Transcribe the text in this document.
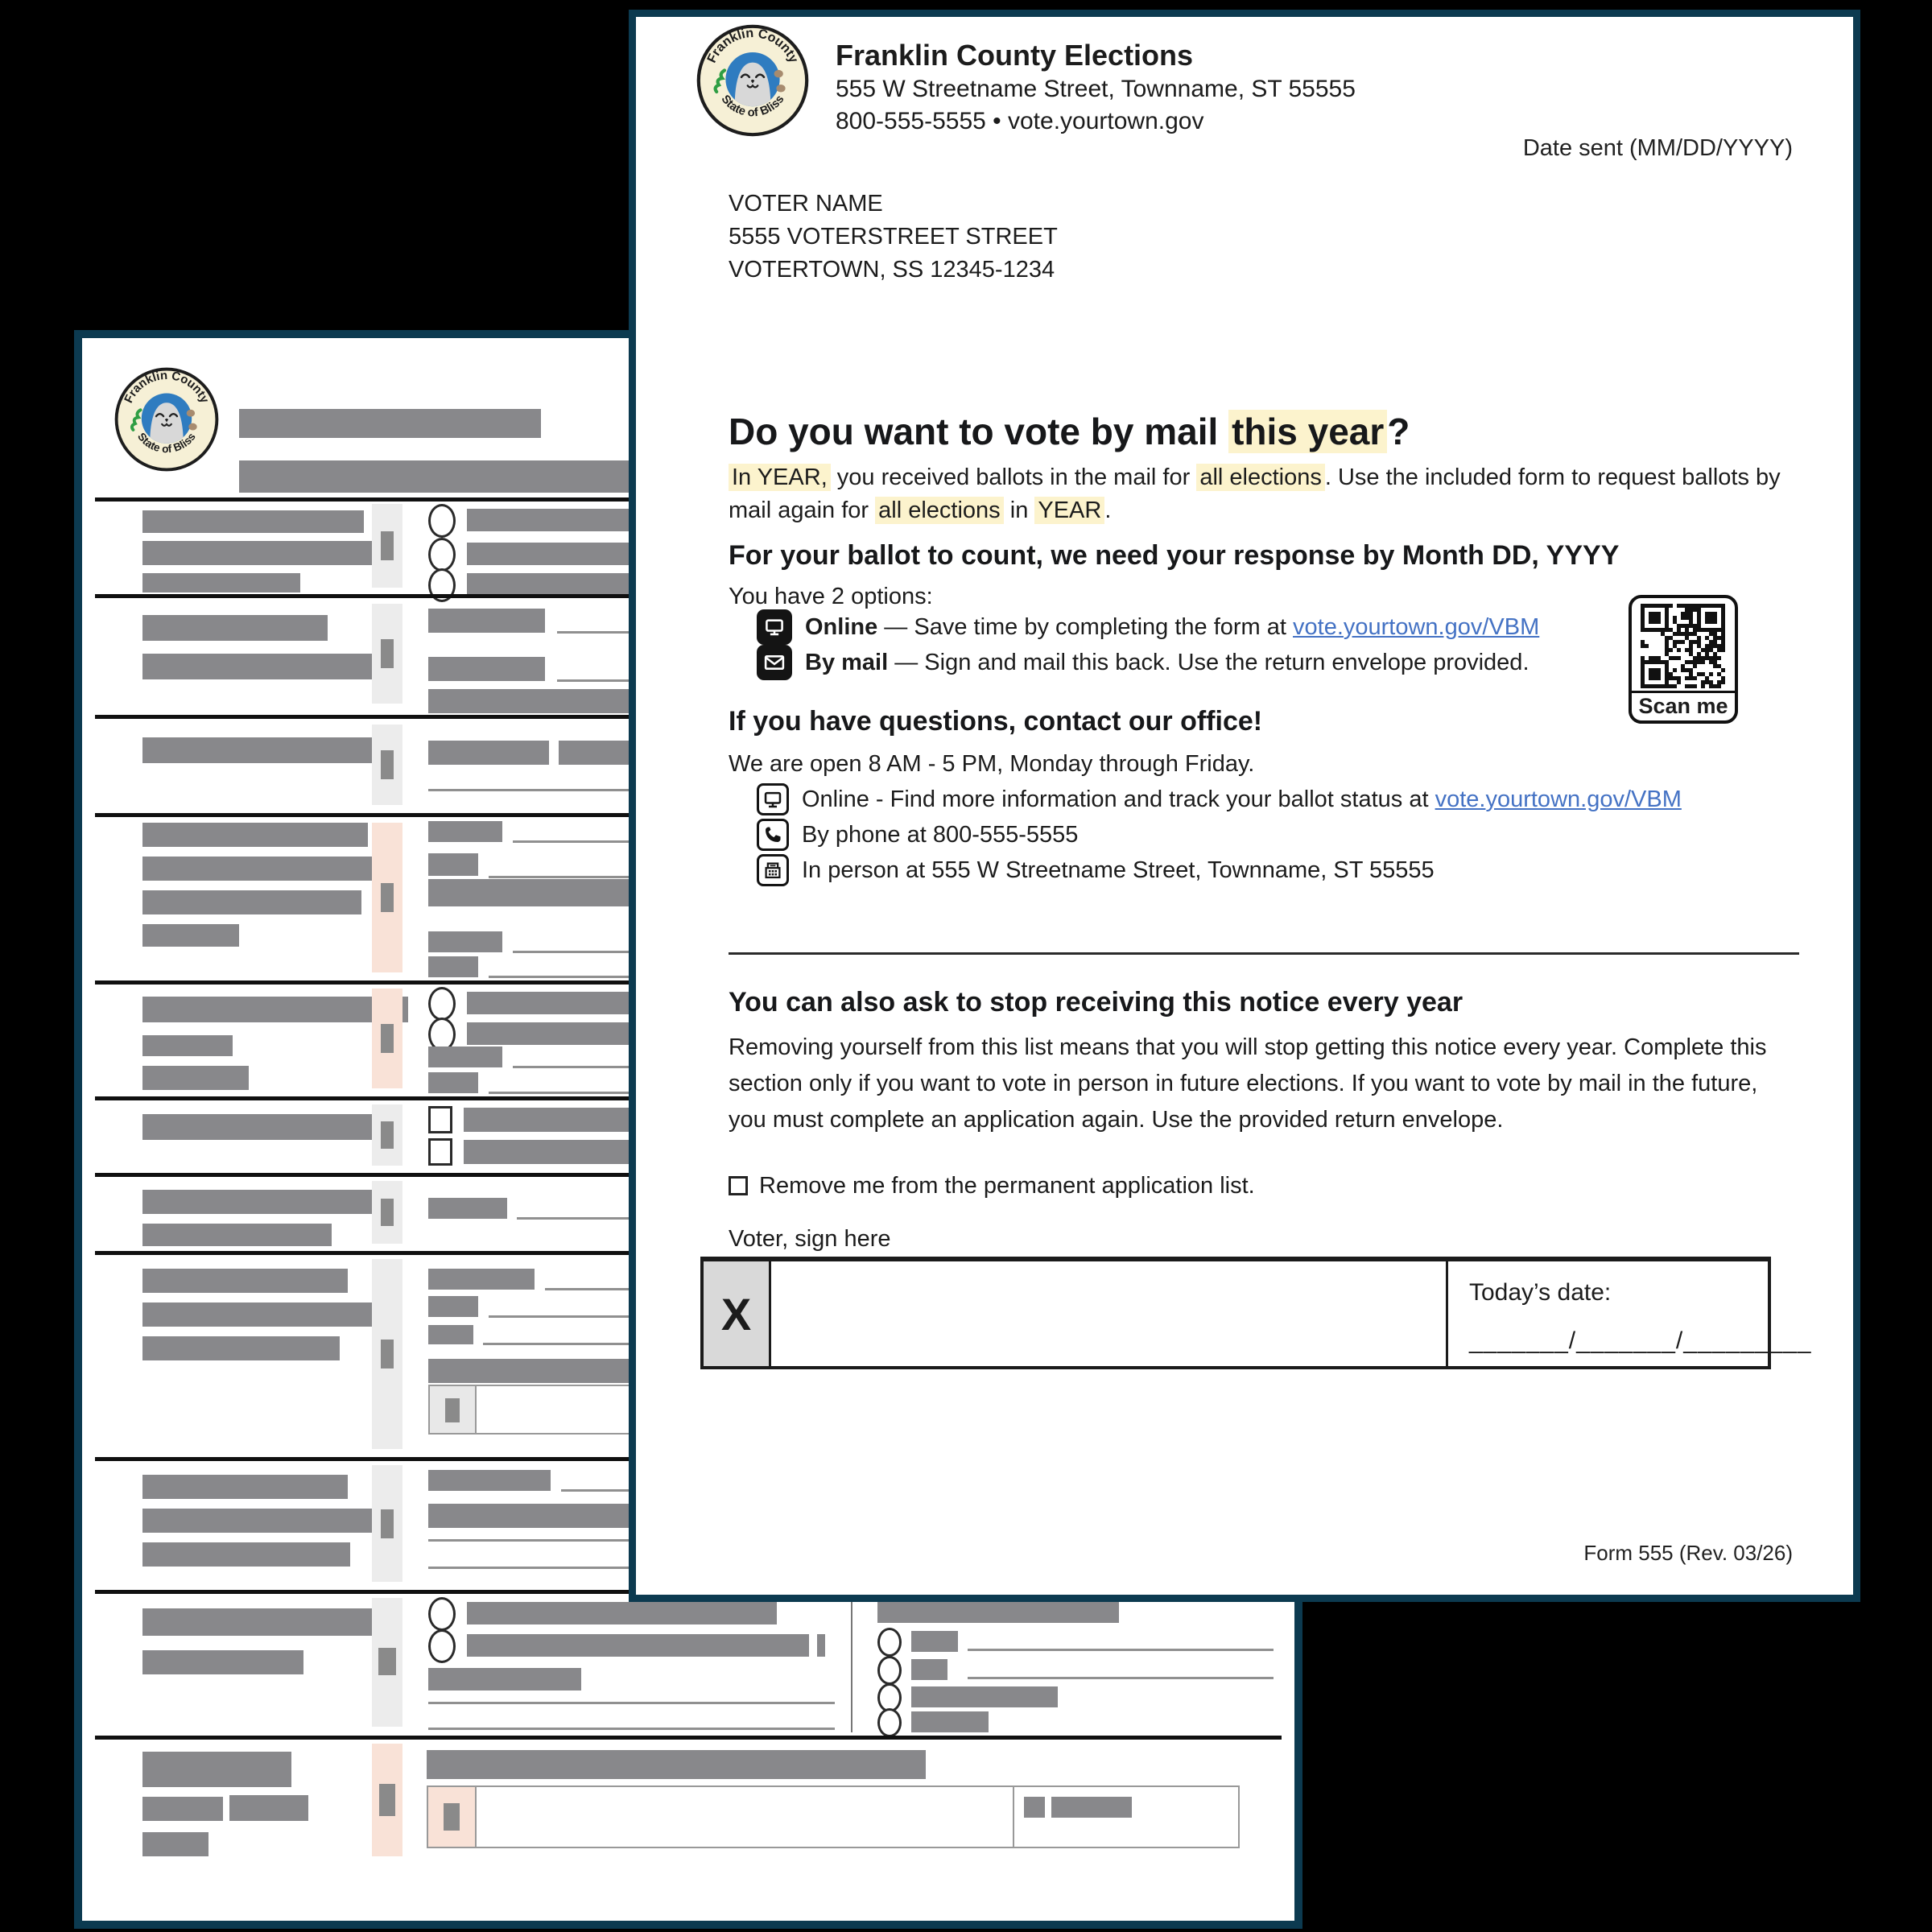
Franklin County Elections
555 W Streetname Street, Townname, ST 55555
800-555-5555 • vote.yourtown.gov
Date sent (MM/DD/YYYY)
VOTER NAME
5555 VOTERSTREET STREET
VOTERTOWN, SS 12345-1234
Do you want to vote by mail this year?
In YEAR, you received ballots in the mail for all elections . Use the included form to request ballots by mail again for all elections in YEAR .
For your ballot to count, we need your response by Month DD, YYYY
You have 2 options:
Online — Save time by completing the form at vote.yourtown.gov/VBM
By mail — Sign and mail this back. Use the return envelope provided.
Scan me
If you have questions, contact our office!
We are open 8 AM - 5 PM, Monday through Friday.
Online - Find more information and track your ballot status at vote.yourtown.gov/VBM
By phone at 800-555-5555
In person at 555 W Streetname Street, Townname, ST 55555
You can also ask to stop receiving this notice every year
Removing yourself from this list means that you will stop getting this notice every year. Complete this section only if you want to vote in person in future elections. If you want to vote by mail in the future, you must complete an application again. Use the provided return envelope.
Remove me from the permanent application list.
Voter, sign here
X	Today’s date:
_______/_______/_________
Form 555 (Rev. 03/26)
